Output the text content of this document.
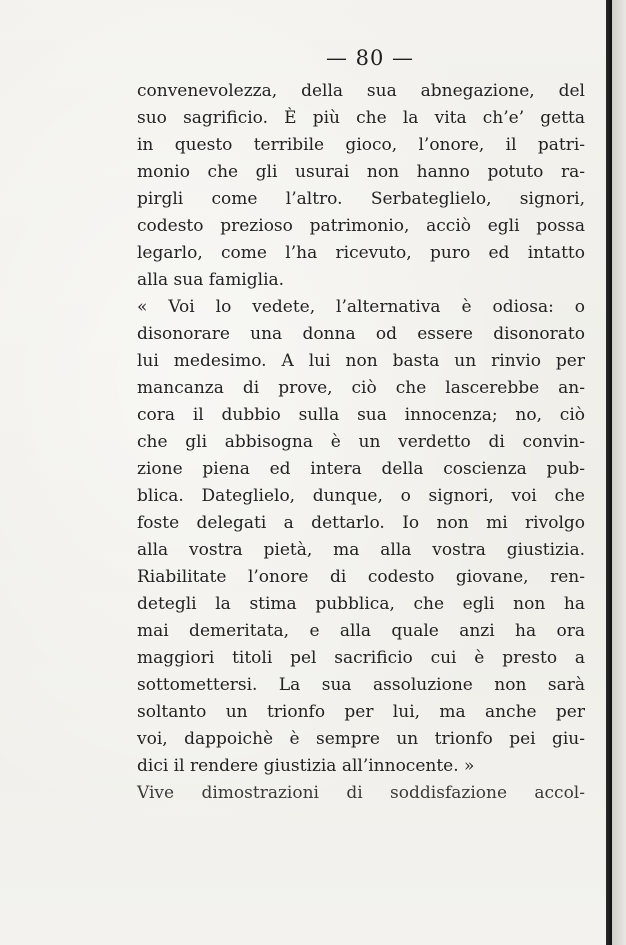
— 80 —
convenevolezza, della sua abnegazione, del
suo sagrificio. È più che la vita ch’e’ getta
in questo terribile gioco, l’onore, il patri-
monio che gli usurai non hanno potuto ra-
pirgli come l’altro. Serbateglielo, signori,
codesto prezioso patrimonio, acciò egli possa
legarlo, come l’ha ricevuto, puro ed intatto
alla sua famiglia.
« Voi lo vedete, l’alternativa è odiosa: o
disonorare una donna od essere disonorato
lui medesimo. A lui non basta un rinvio per
mancanza di prove, ciò che lascerebbe an-
cora il dubbio sulla sua innocenza; no, ciò
che gli abbisogna è un verdetto di convin-
zione piena ed intera della coscienza pub-
blica. Dateglielo, dunque, o signori, voi che
foste delegati a dettarlo. Io non mi rivolgo
alla vostra pietà, ma alla vostra giustizia.
Riabilitate l’onore di codesto giovane, ren-
detegli la stima pubblica, che egli non ha
mai demeritata, e alla quale anzi ha ora
maggiori titoli pel sacrificio cui è presto a
sottomettersi. La sua assoluzione non sarà
soltanto un trionfo per lui, ma anche per
voi, dappoichè è sempre un trionfo pei giu-
dici il rendere giustizia all’innocente. »
Vive dimostrazioni di soddisfazione accol-
